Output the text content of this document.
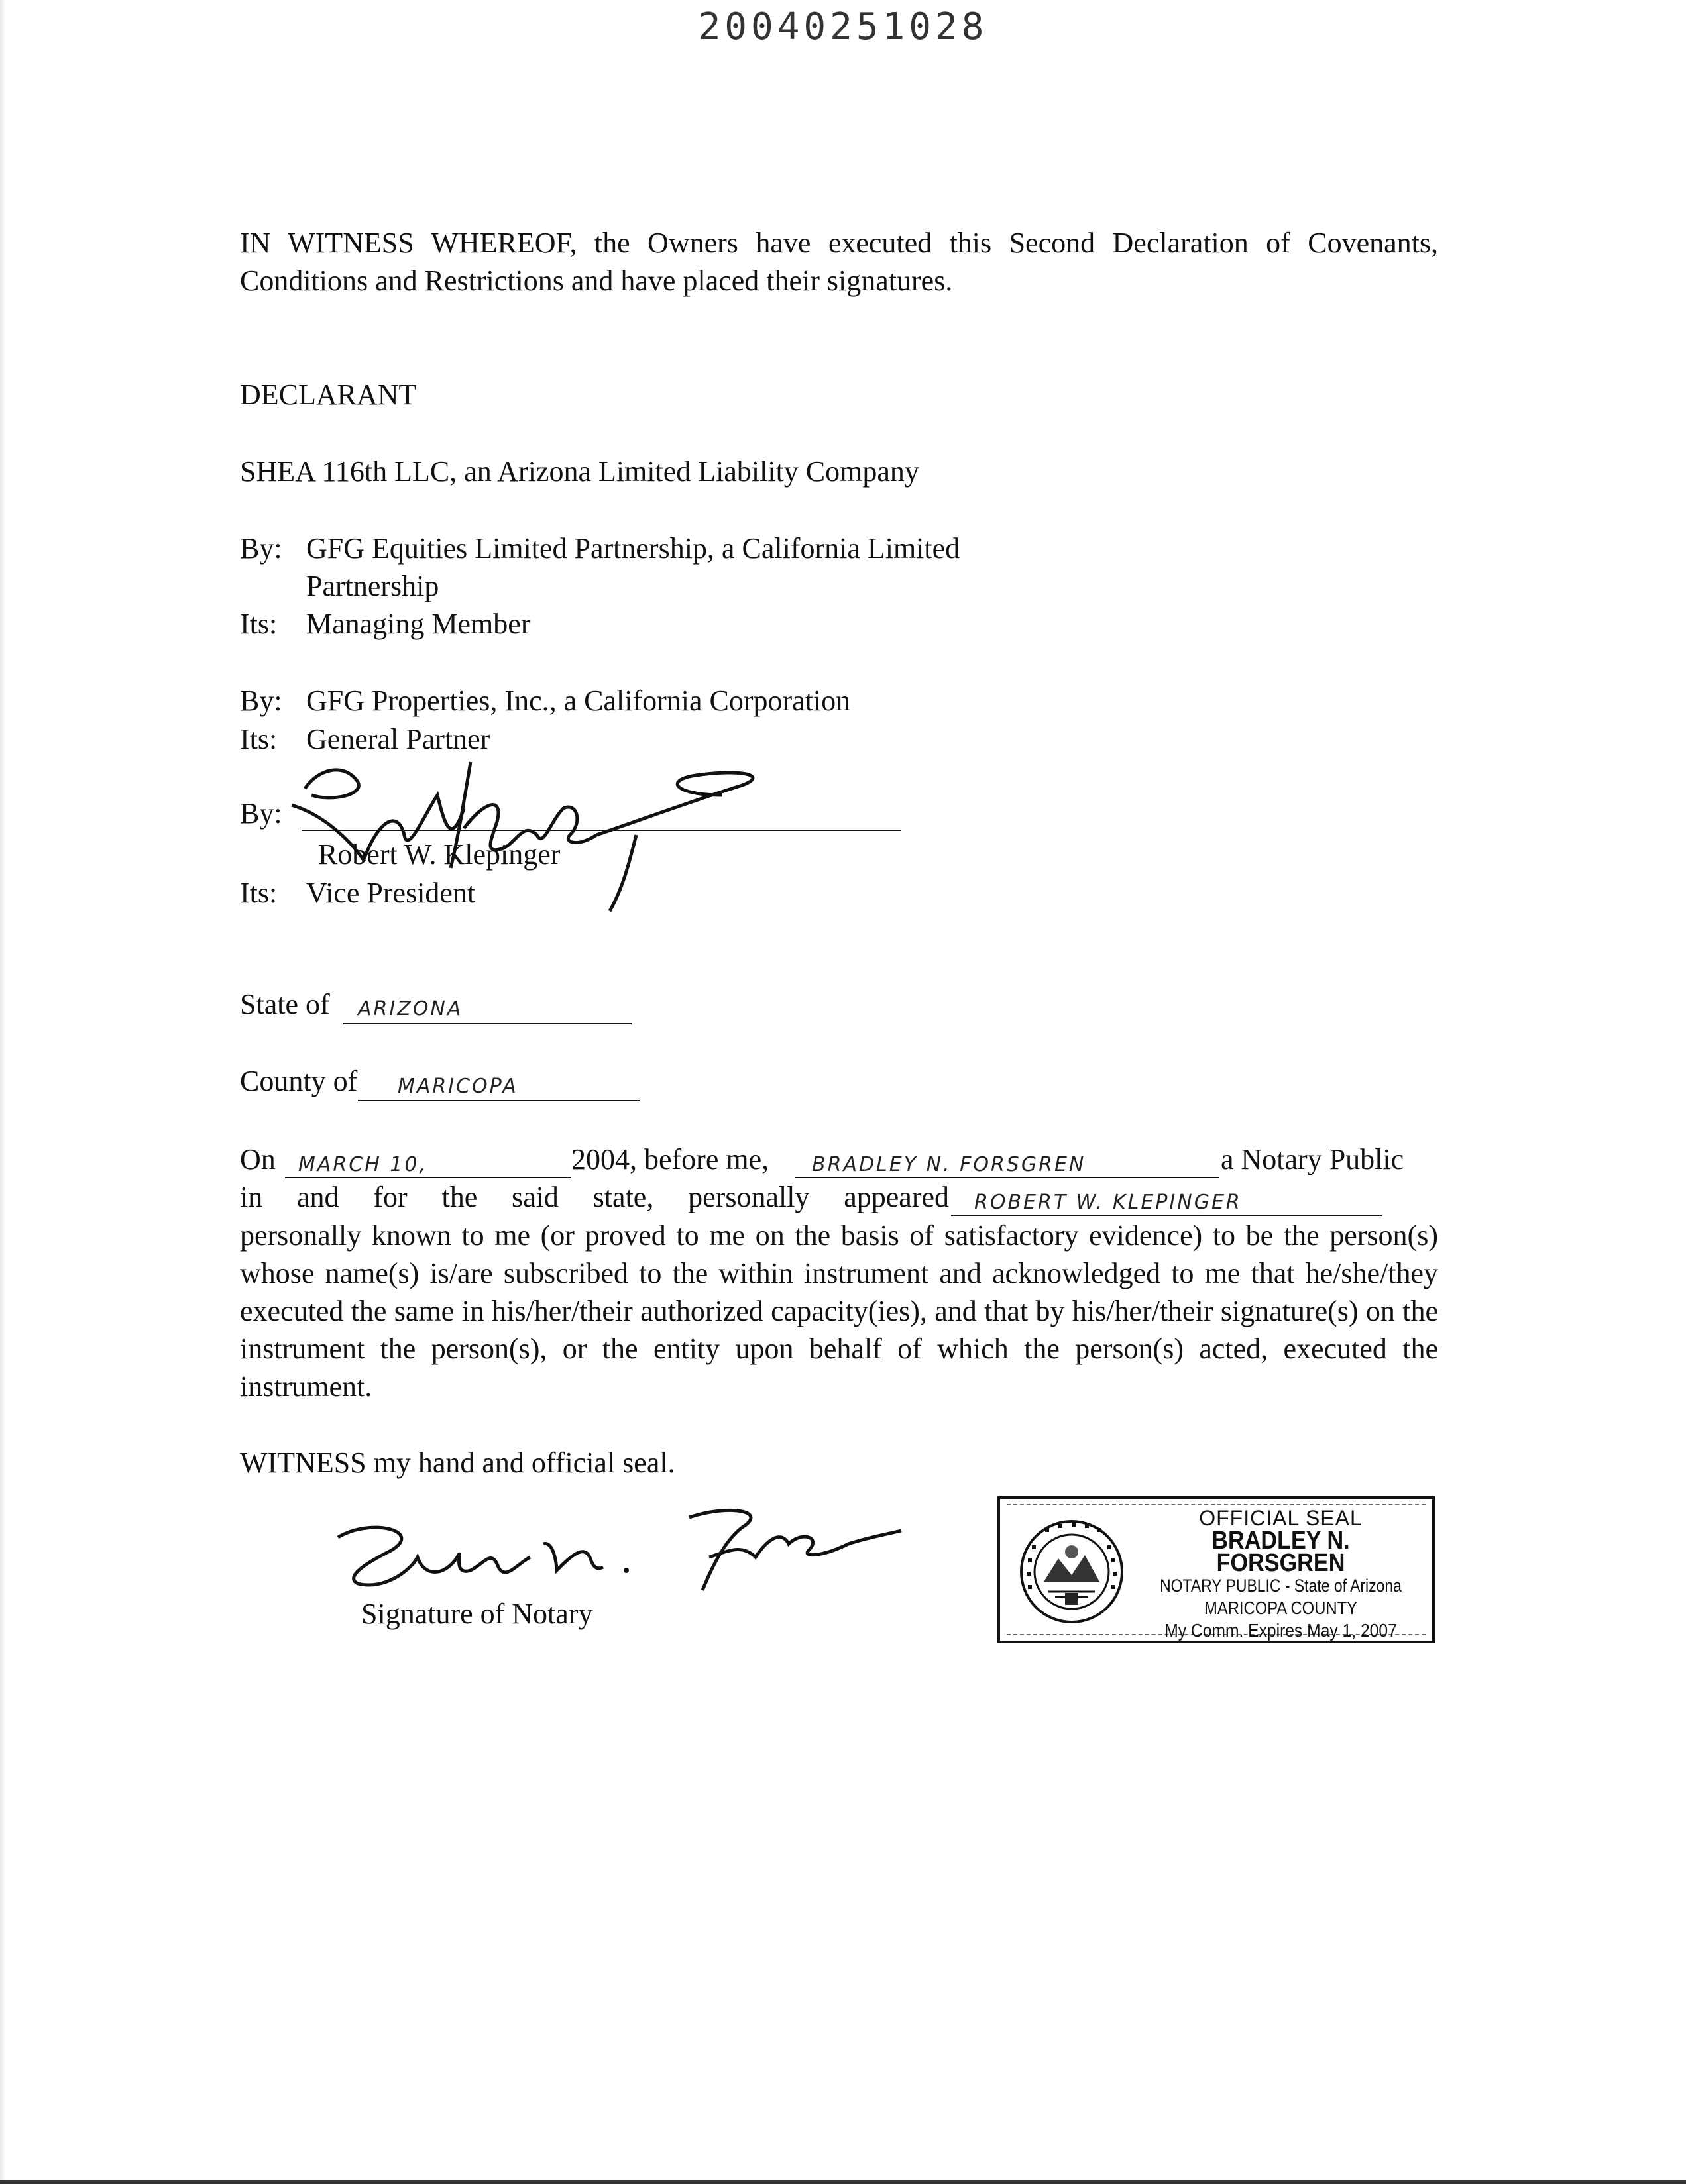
20040251028
IN WITNESS WHEREOF, the Owners have executed this Second Declaration of Covenants, Conditions and Restrictions and have placed their signatures.
DECLARANT
SHEA 116th LLC, an Arizona Limited Liability Company
By: GFG Equities Limited Partnership, a California Limited
Partnership
Its: Managing Member
By: GFG Properties, Inc., a California Corporation
Its: General Partner
By:
Robert W. Klepinger
Its: Vice President
State of ARIZONA
County of MARICOPA
On MARCH 10,	2004, before me, BRADLEY N. FORSGREN	a Notary Public
in and for the said state, personally appeared ROBERT W. KLEPINGER
personally known to me (or proved to me on the basis of satisfactory evidence) to be the person(s) whose name(s) is/are subscribed to the within instrument and acknowledged to me that he/she/they executed the same in his/her/their authorized capacity(ies), and that by his/her/their signature(s) on the instrument the person(s), or the entity upon behalf of which the person(s) acted, executed the instrument.
WITNESS my hand and official seal.
Signature of Notary
OFFICIAL SEAL
BRADLEY N. FORSGREN
NOTARY PUBLIC - State of Arizona
MARICOPA COUNTY
My Comm. Expires May 1, 2007
